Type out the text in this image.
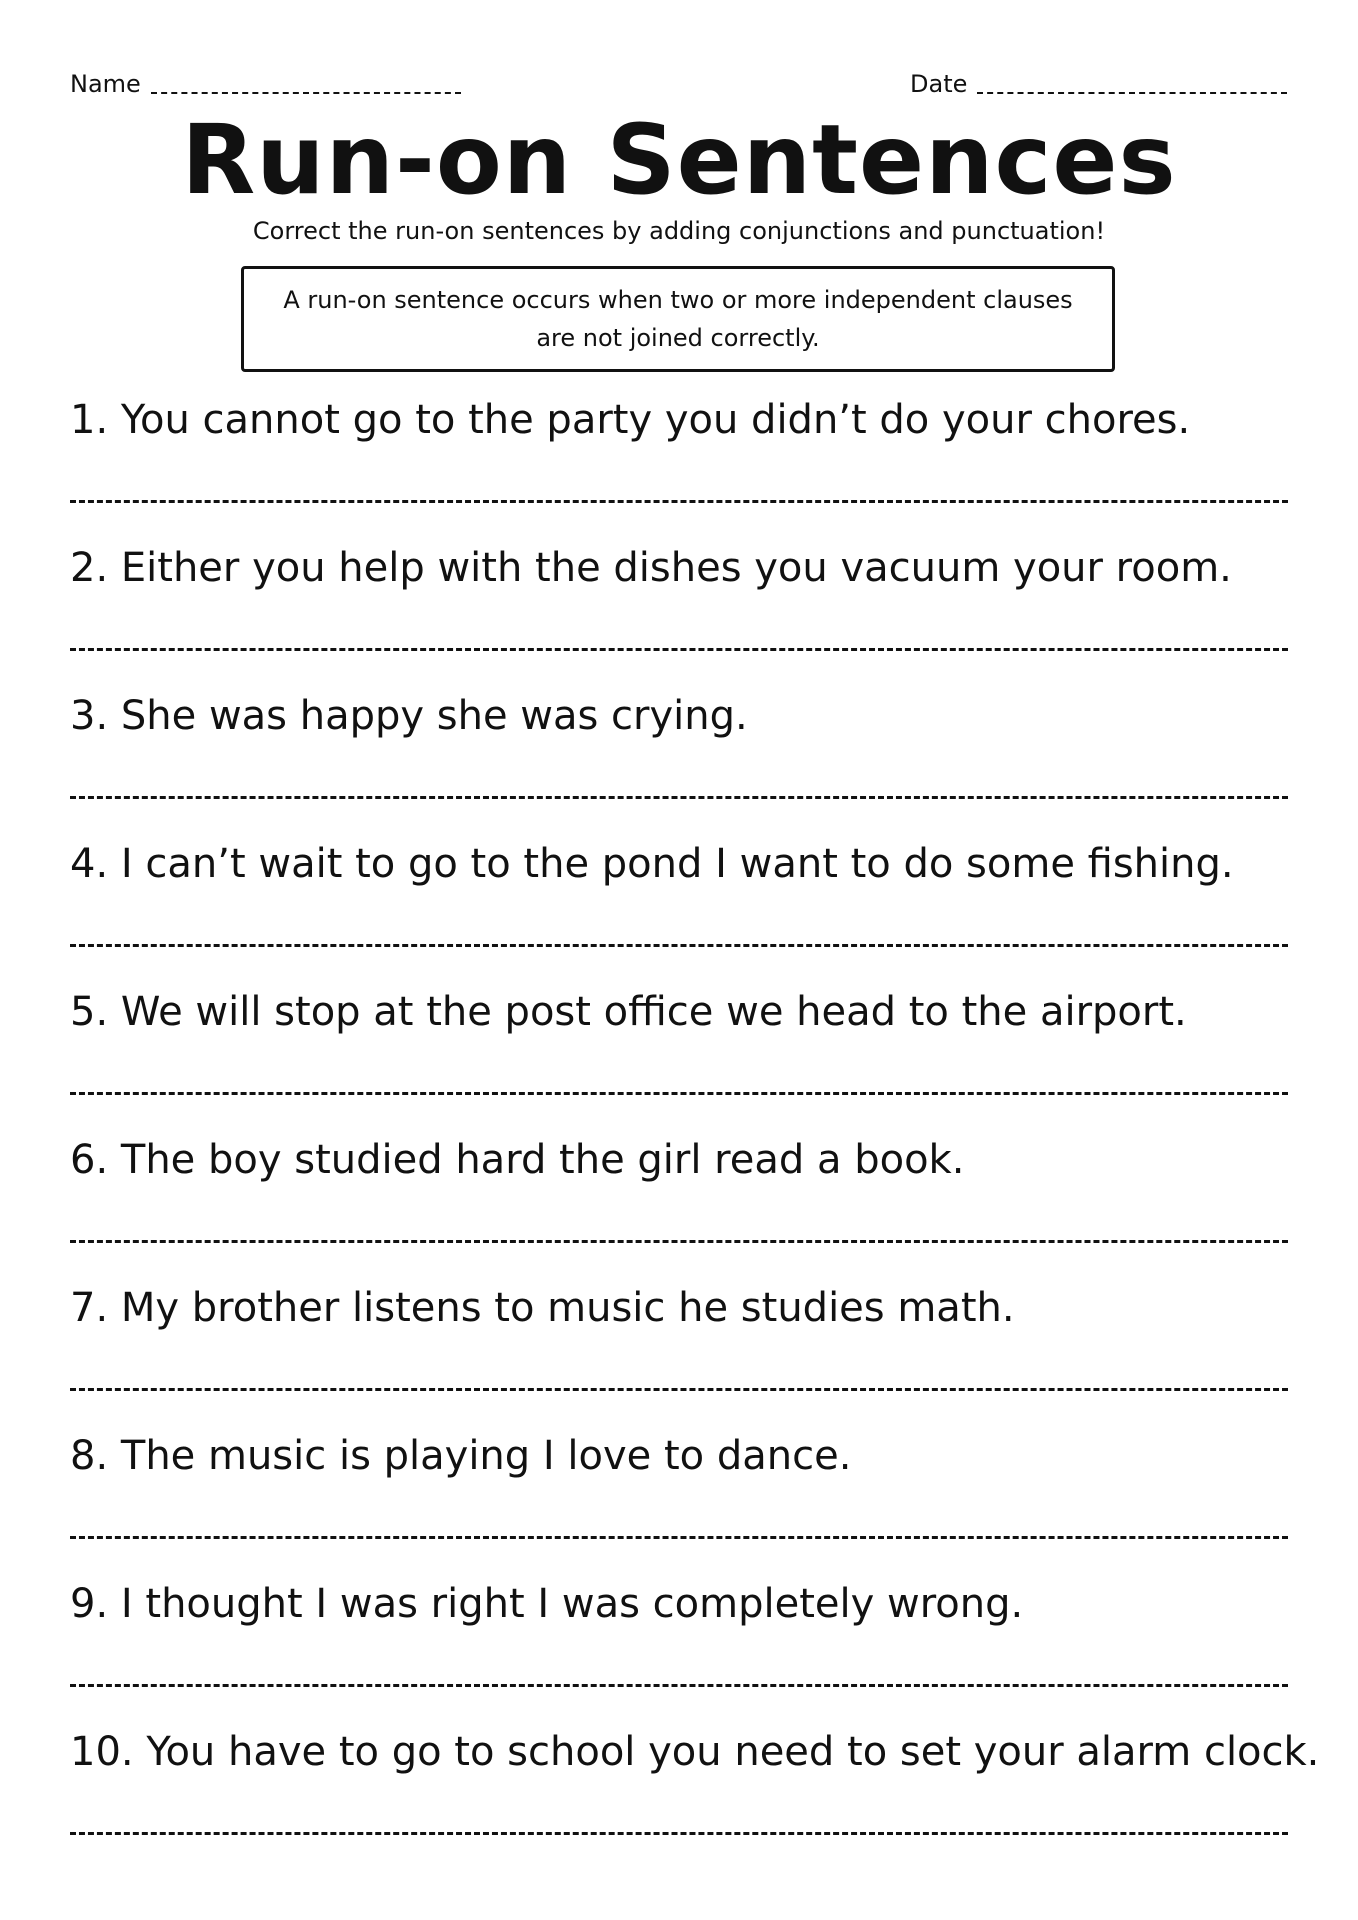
Name	Date
Run-on Sentences
Correct the run-on sentences by adding conjunctions and punctuation!
A run-on sentence occurs when two or more independent clauses are not joined correctly.
1. You cannot go to the party you didn’t do your chores.
2. Either you help with the dishes you vacuum your room.
3. She was happy she was crying.
4. I can’t wait to go to the pond I want to do some fishing.
5. We will stop at the post office we head to the airport.
6. The boy studied hard the girl read a book.
7. My brother listens to music he studies math.
8. The music is playing I love to dance.
9. I thought I was right I was completely wrong.
10. You have to go to school you need to set your alarm clock.
